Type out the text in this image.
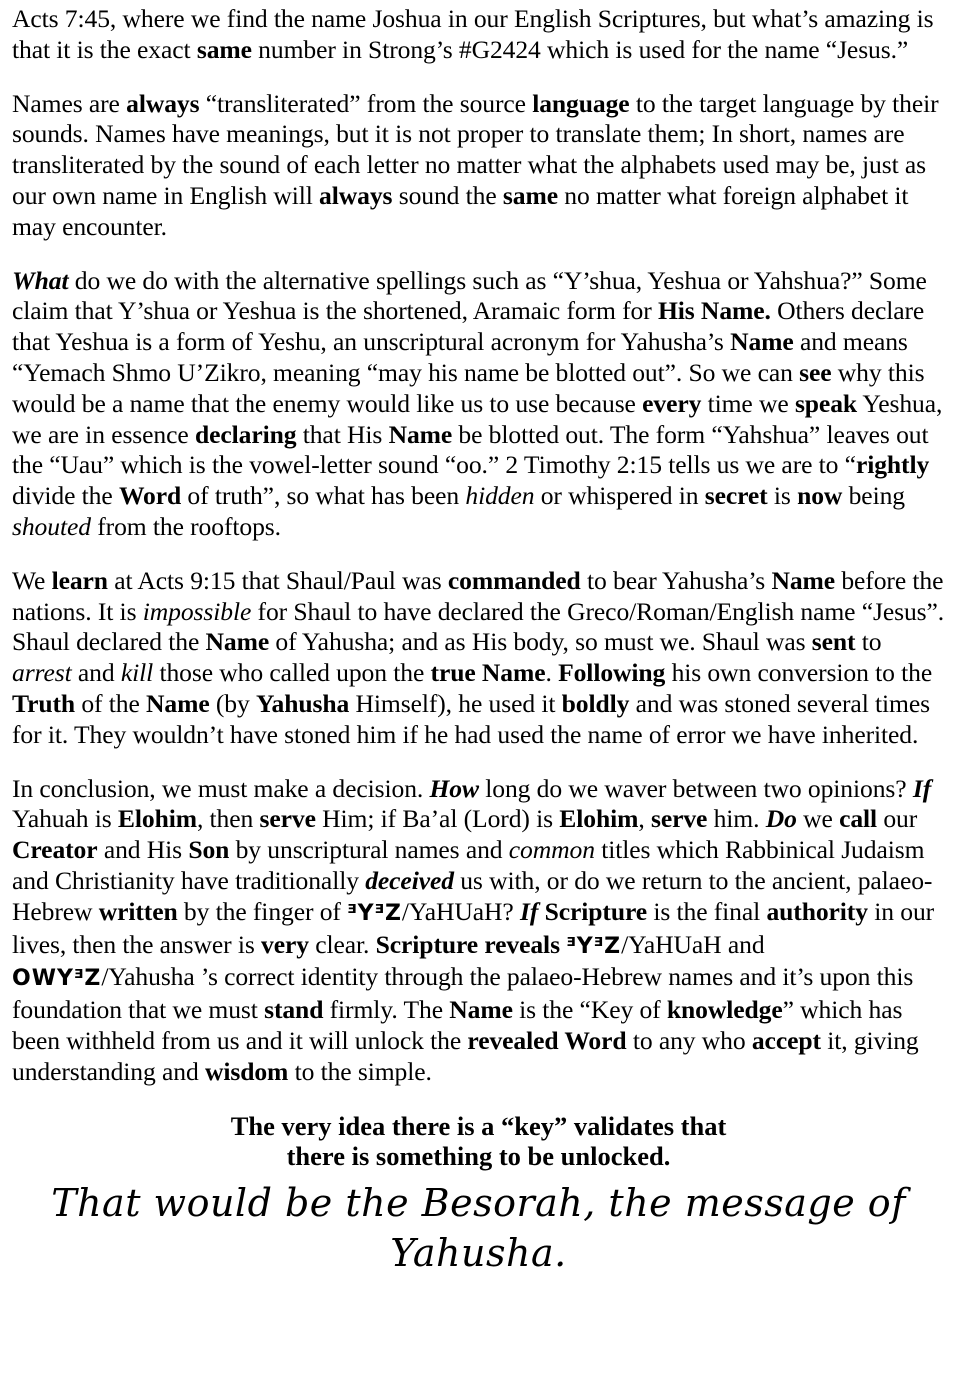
Acts 7:45, where we find the name Joshua in our English Scriptures, but what’s amazing is that it is the exact same number in Strong’s #G2424 which is used for the name “Jesus.”

Names are always “transliterated” from the source language to the target language by their sounds. Names have meanings, but it is not proper to translate them; In short, names are transliterated by the sound of each letter no matter what the alphabets used may be, just as our own name in English will always sound the same no matter what foreign alphabet it may encounter.

What do we do with the alternative spellings such as “Y’shua, Yeshua or Yahshua?” Some claim that Y’shua or Yeshua is the shortened, Aramaic form for His Name. Others declare that Yeshua is a form of Yeshu, an unscriptural acronym for Yahusha’s Name and means “Yemach Shmo U’Zikro, meaning “may his name be blotted out”. So we can see why this would be a name that the enemy would like us to use because every time we speak Yeshua, we are in essence declaring that His Name be blotted out. The form “Yahshua” leaves out the “Uau” which is the vowel-letter sound “oo.” 2 Timothy 2:15 tells us we are to “rightly divide the Word of truth”, so what has been hidden or whispered in secret is now being shouted from the rooftops.

We learn at Acts 9:15 that Shaul/Paul was commanded to bear Yahusha’s Name before the nations. It is impossible for Shaul to have declared the Greco/Roman/English name “Jesus”. Shaul declared the Name of Yahusha; and as His body, so must we. Shaul was sent to arrest and kill those who called upon the true Name. Following his own conversion to the Truth of the Name (by Yahusha Himself), he used it boldly and was stoned several times for it. They wouldn’t have stoned him if he had used the name of error we have inherited.

In conclusion, we must make a decision. How long do we waver between two opinions? If Yahuah is Elohim, then serve Him; if Ba’al (Lord) is Elohim, serve him. Do we call our Creator and His Son by unscriptural names and common titles which Rabbinical Judaism and Christianity have traditionally deceived us with, or do we return to the ancient, palaeo-Hebrew written by the finger of ᴲYᴲZ/YaHUaH? If Scripture is the final authority in our lives, then the answer is very clear. Scripture reveals ᴲYᴲZ/YaHUaH and OWYᴲZ/Yahusha ’s correct identity through the palaeo-Hebrew names and it’s upon this foundation that we must stand firmly. The Name is the “Key of knowledge” which has been withheld from us and it will unlock the revealed Word to any who accept it, giving understanding and wisdom to the simple.

The very idea there is a “key” validates that
there is something to be unlocked.
That would be the Besorah, the message of Yahusha.
